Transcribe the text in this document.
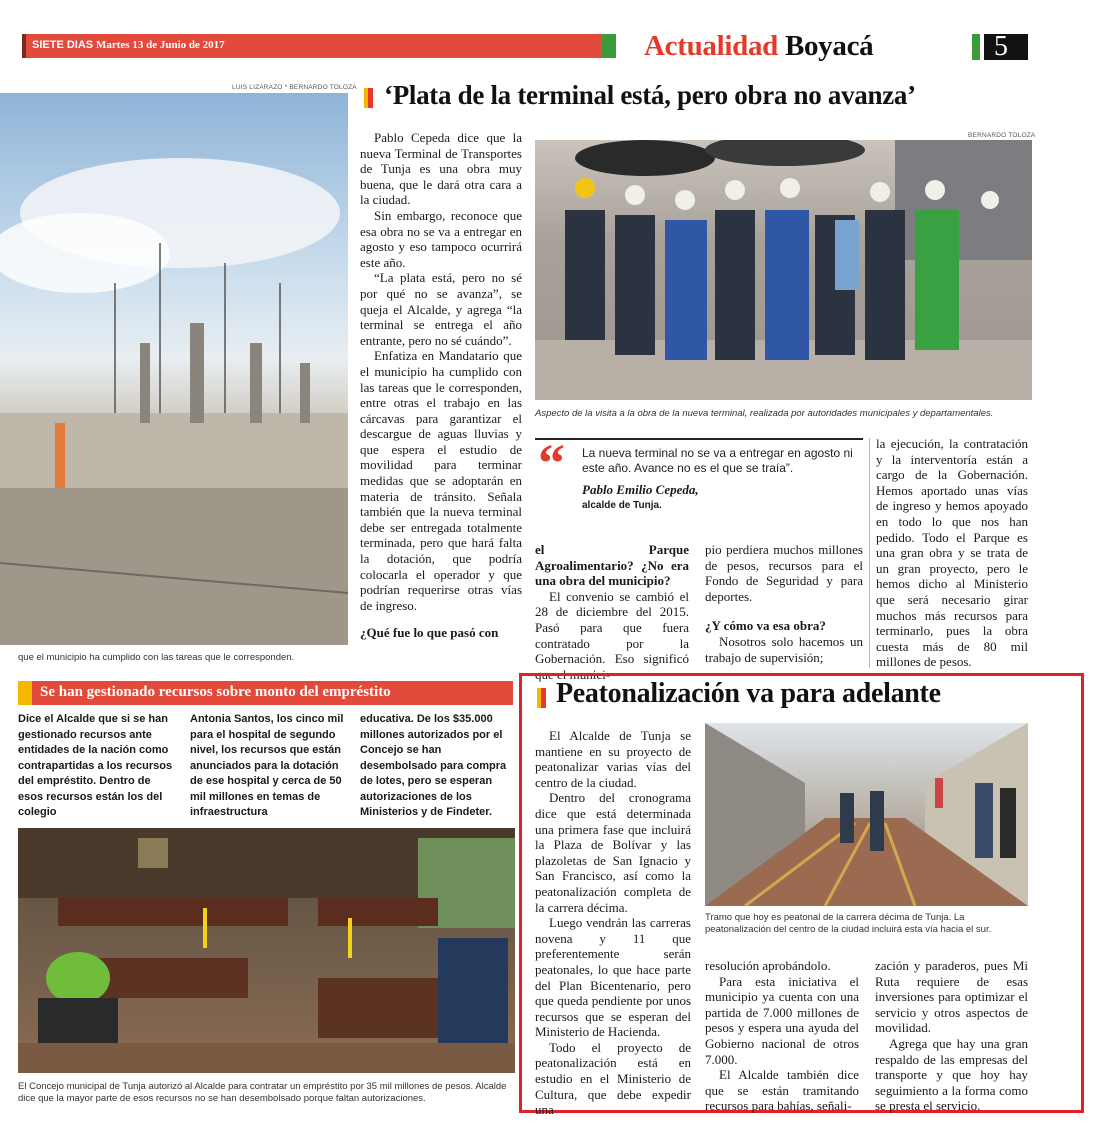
SIETE DIAS Martes 13 de Junio de 2017	Actualidad Boyacá	5
LUIS LIZARAZO * BERNARDO TOLOZA
que el municipio ha cumplido con las tareas que le corresponden.
‘Plata de la terminal está, pero obra no avanza’

Pablo Cepeda dice que la nueva Terminal de Transportes de Tunja es una obra muy buena, que le dará otra cara a la ciudad.

Sin embargo, reconoce que esa obra no se va a entregar en agosto y eso tampoco ocurrirá este año.

“La plata está, pero no sé por qué no se avanza”, se queja el Alcalde, y agrega “la terminal se entrega el año entrante, pero no sé cuándo”.

Enfatiza en Mandatario que el municipio ha cumplido con las tareas que le corresponden, entre otras el trabajo en las cárcavas para garantizar el descargue de aguas lluvias y que espera el estudio de movilidad para terminar medidas que se adoptarán en materia de tránsito. Señala también que la nueva terminal debe ser entregada totalmente terminada, pero que hará falta la dotación, que podría colocarla el operador y que podrían requerirse otras vías de ingreso.

¿Qué fue lo que pasó con

BERNARDO TOLOZA
Aspecto de la visita a la obra de la nueva terminal, realizada por autoridades municipales y departamentales.
“ La nueva terminal no se va a entregar en agosto ni este año. Avance no es el que se traía”.
Pablo Emilio Cepeda,
alcalde de Tunja.

el Parque Agroalimentario? ¿No era una obra del municipio?

El convenio se cambió el 28 de diciembre del 2015. Pasó para que fuera contratado por la Gobernación. Eso significó que el munici-

pio perdiera muchos millones de pesos, recursos para el Fondo de Seguridad y para deportes.

¿Y cómo va esa obra?

Nosotros solo hacemos un trabajo de supervisión;

la ejecución, la contratación y la interventoría están a cargo de la Gobernación. Hemos aportado unas vías de ingreso y hemos apoyado en todo lo que nos han pedido. Todo el Parque es una gran obra y se trata de un gran proyecto, pero le hemos dicho al Ministerio que será necesario girar muchos más recursos para terminarlo, pues la obra cuesta más de 80 mil millones de pesos.

Se han gestionado recursos sobre monto del empréstito
Dice el Alcalde que si se han gestionado recursos ante entidades de la nación como contrapartidas a los recursos del empréstito. Dentro de esos recursos están los del colegio
Antonia Santos, los cinco mil para el hospital de segundo nivel, los recursos que están anunciados para la dotación de ese hospital y cerca de 50 mil millones en temas de infraestructura
educativa. De los $35.000 millones autorizados por el Concejo se han desembolsado para compra de lotes, pero se esperan autorizaciones de los Ministerios y de Findeter.
El Concejo municipal de Tunja autorizó al Alcalde para contratar un empréstito por 35 mil millones de pesos. Alcalde dice que la mayor parte de esos recursos no se han desembolsado porque faltan autorizaciones.
Peatonalización va para adelante

El Alcalde de Tunja se mantiene en su proyecto de peatonalizar varias vías del centro de la ciudad.

Dentro del cronograma dice que está determinada una primera fase que incluirá la Plaza de Bolívar y las plazoletas de San Ignacio y San Francisco, así como la peatonalización completa de la carrera décima.

Luego vendrán las carreras novena y 11 que preferentemente serán peatonales, lo que hace parte del Plan Bicentenario, pero que queda pendiente por unos recursos que se esperan del Ministerio de Hacienda.

Todo el proyecto de peatonalización está en estudio en el Ministerio de Cultura, que debe expedir una

Tramo que hoy es peatonal de la carrera décima de Tunja. La peatonalización del centro de la ciudad incluirá esta vía hacia el sur.

resolución aprobándolo.

Para esta iniciativa el municipio ya cuenta con una partida de 7.000 millones de pesos y espera una ayuda del Gobierno nacional de otros 7.000.

El Alcalde también dice que se están tramitando recursos para bahías, señali-

zación y paraderos, pues Mi Ruta requiere de esas inversiones para optimizar el servicio y otros aspectos de movilidad.

Agrega que hay una gran respaldo de las empresas del transporte y que hoy hay seguimiento a la forma como se presta el servicio.
